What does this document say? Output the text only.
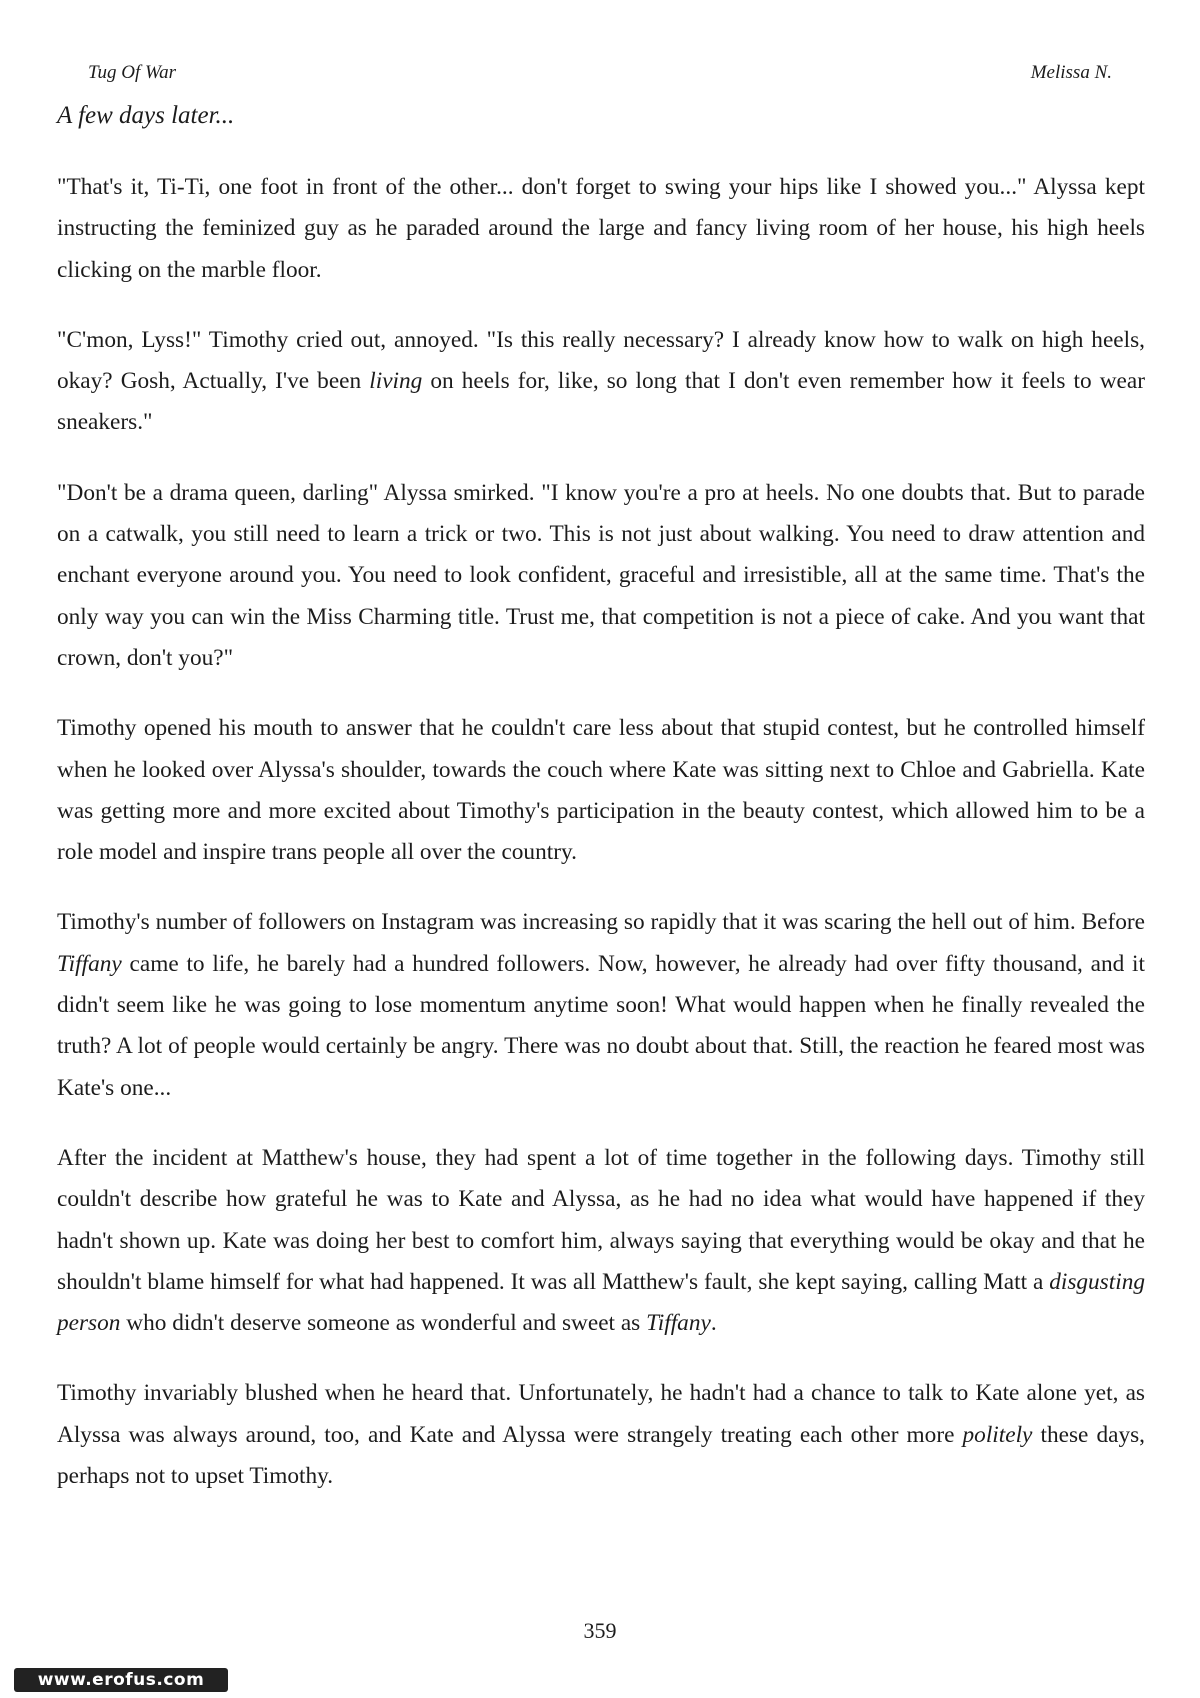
Tug Of War	Melissa N.
A few days later...

"That's it, Ti-Ti, one foot in front of the other... don't forget to swing your hips like I showed you..." Alyssa kept instructing the feminized guy as he paraded around the large and fancy living room of her house, his high heels clicking on the marble floor.

"C'mon, Lyss!" Timothy cried out, annoyed. "Is this really necessary? I already know how to walk on high heels, okay? Gosh, Actually, I've been living on heels for, like, so long that I don't even remember how it feels to wear sneakers."

"Don't be a drama queen, darling" Alyssa smirked. "I know you're a pro at heels. No one doubts that. But to parade on a catwalk, you still need to learn a trick or two. This is not just about walking. You need to draw attention and enchant everyone around you. You need to look confident, graceful and irresistible, all at the same time. That's the only way you can win the Miss Charming title. Trust me, that competition is not a piece of cake. And you want that crown, don't you?"

Timothy opened his mouth to answer that he couldn't care less about that stupid contest, but he controlled himself when he looked over Alyssa's shoulder, towards the couch where Kate was sitting next to Chloe and Gabriella. Kate was getting more and more excited about Timothy's participation in the beauty contest, which allowed him to be a role model and inspire trans people all over the country.

Timothy's number of followers on Instagram was increasing so rapidly that it was scaring the hell out of him. Before Tiffany came to life, he barely had a hundred followers. Now, however, he already had over fifty thousand, and it didn't seem like he was going to lose momentum anytime soon! What would happen when he finally revealed the truth? A lot of people would certainly be angry. There was no doubt about that. Still, the reaction he feared most was Kate's one...

After the incident at Matthew's house, they had spent a lot of time together in the following days. Timothy still couldn't describe how grateful he was to Kate and Alyssa, as he had no idea what would have happened if they hadn't shown up. Kate was doing her best to comfort him, always saying that everything would be okay and that he shouldn't blame himself for what had happened. It was all Matthew's fault, she kept saying, calling Matt a disgusting person who didn't deserve someone as wonderful and sweet as Tiffany.

Timothy invariably blushed when he heard that. Unfortunately, he hadn't had a chance to talk to Kate alone yet, as Alyssa was always around, too, and Kate and Alyssa were strangely treating each other more politely these days, perhaps not to upset Timothy.

359
www.erofus.com
